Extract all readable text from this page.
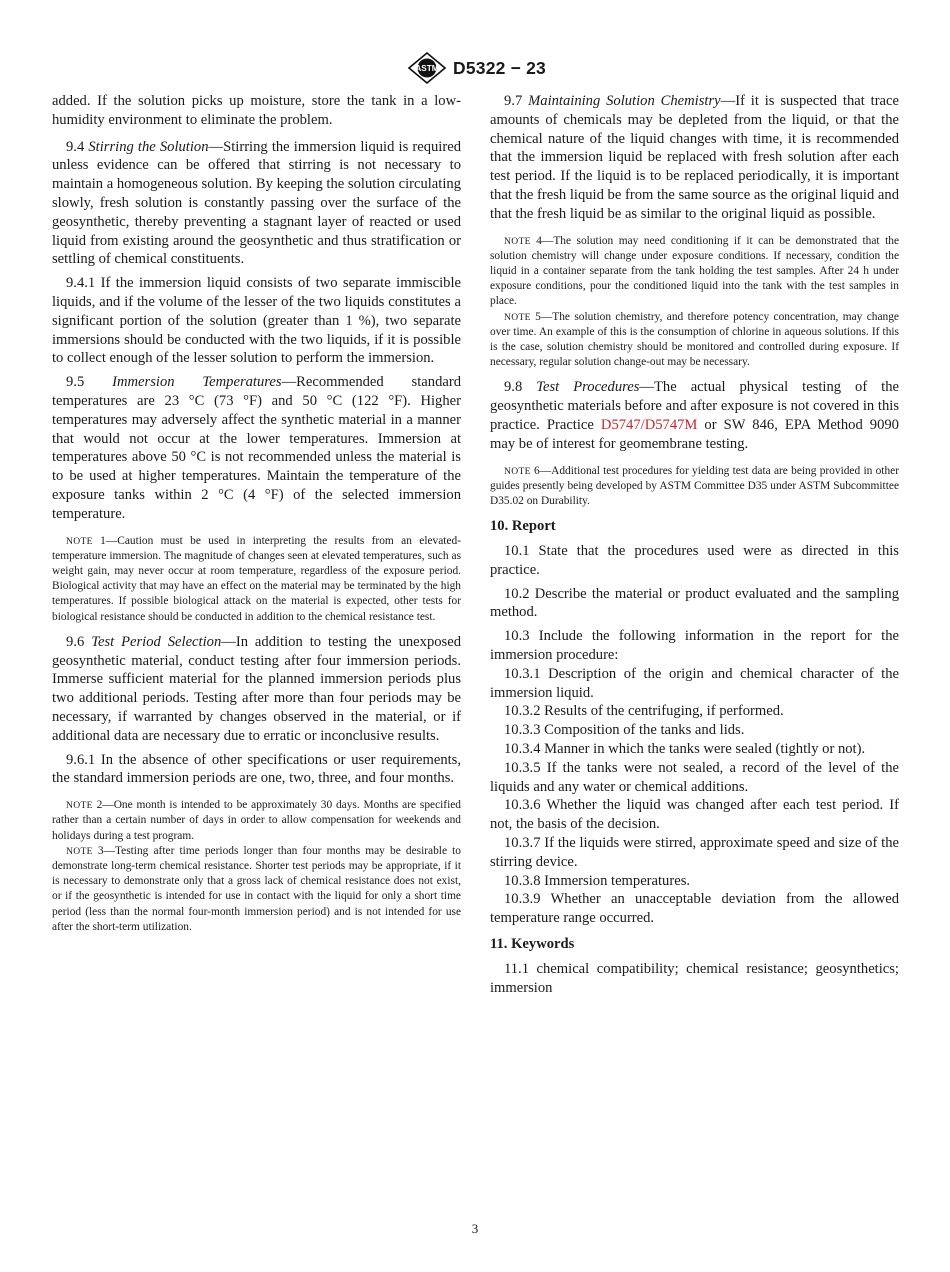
ASTM D5322 − 23

added. If the solution picks up moisture, store the tank in a low-humidity environment to eliminate the problem.

9.4 Stirring the Solution—Stirring the immersion liquid is required unless evidence can be offered that stirring is not necessary to maintain a homogeneous solution. By keeping the solution circulating slowly, fresh solution is constantly passing over the surface of the geosynthetic, thereby preventing a stagnant layer of reacted or used liquid from existing around the geosynthetic and thus stratification or settling of chemical constituents.

9.4.1 If the immersion liquid consists of two separate immiscible liquids, and if the volume of the lesser of the two liquids constitutes a significant portion of the solution (greater than 1 %), two separate immersions should be conducted with the two liquids, if it is possible to collect enough of the lesser solution to perform the immersion.

9.5 Immersion Temperatures—Recommended standard temperatures are 23 °C (73 °F) and 50 °C (122 °F). Higher temperatures may adversely affect the synthetic material in a manner that would not occur at the lower temperatures. Immersion at temperatures above 50 °C is not recommended unless the material is to be used at higher temperatures. Maintain the temperature of the exposure tanks within 2 °C (4 °F) of the selected immersion temperature.

NOTE 1—Caution must be used in interpreting the results from an elevated-temperature immersion. The magnitude of changes seen at elevated temperatures, such as weight gain, may never occur at room temperature, regardless of the exposure period. Biological activity that may have an effect on the material may be terminated by the high temperatures. If possible biological attack on the material is expected, other tests for biological resistance should be conducted in addition to the chemical resistance test.

9.6 Test Period Selection—In addition to testing the unexposed geosynthetic material, conduct testing after four immersion periods. Immerse sufficient material for the planned immersion periods plus two additional periods. Testing after more than four periods may be necessary, if warranted by changes observed in the material, or if additional data are necessary due to erratic or inconclusive results.

9.6.1 In the absence of other specifications or user requirements, the standard immersion periods are one, two, three, and four months.

NOTE 2—One month is intended to be approximately 30 days. Months are specified rather than a certain number of days in order to allow compensation for weekends and holidays during a test program.

NOTE 3—Testing after time periods longer than four months may be desirable to demonstrate long-term chemical resistance. Shorter test periods may be appropriate, if it is necessary to demonstrate only that a gross lack of chemical resistance does not exist, or if the geosynthetic is intended for use in contact with the liquid for only a short time period (less than the normal four-month immersion period) and is not intended for use after the short-term utilization.

9.7 Maintaining Solution Chemistry—If it is suspected that trace amounts of chemicals may be depleted from the liquid, or that the chemical nature of the liquid changes with time, it is recommended that the immersion liquid be replaced with fresh solution after each test period. If the liquid is to be replaced periodically, it is important that the fresh liquid be from the same source as the original liquid and that the fresh liquid be as similar to the original liquid as possible.

NOTE 4—The solution may need conditioning if it can be demonstrated that the solution chemistry will change under exposure conditions. If necessary, condition the liquid in a container separate from the tank holding the test samples. After 24 h under exposure conditions, pour the conditioned liquid into the tank with the test samples in place.

NOTE 5—The solution chemistry, and therefore potency concentration, may change over time. An example of this is the consumption of chlorine in aqueous solutions. If this is the case, solution chemistry should be monitored and controlled during exposure. If necessary, regular solution change-out may be necessary.

9.8 Test Procedures—The actual physical testing of the geosynthetic materials before and after exposure is not covered in this practice. Practice D5747/D5747M or SW 846, EPA Method 9090 may be of interest for geomembrane testing.

NOTE 6—Additional test procedures for yielding test data are being provided in other guides presently being developed by ASTM Committee D35 under ASTM Subcommittee D35.02 on Durability.

10. Report

10.1 State that the procedures used were as directed in this practice.

10.2 Describe the material or product evaluated and the sampling method.

10.3 Include the following information in the report for the immersion procedure:

10.3.1 Description of the origin and chemical character of the immersion liquid.

10.3.2 Results of the centrifuging, if performed.

10.3.3 Composition of the tanks and lids.

10.3.4 Manner in which the tanks were sealed (tightly or not).

10.3.5 If the tanks were not sealed, a record of the level of the liquids and any water or chemical additions.

10.3.6 Whether the liquid was changed after each test period. If not, the basis of the decision.

10.3.7 If the liquids were stirred, approximate speed and size of the stirring device.

10.3.8 Immersion temperatures.

10.3.9 Whether an unacceptable deviation from the allowed temperature range occurred.

11. Keywords

11.1 chemical compatibility; chemical resistance; geosynthetics; immersion

3
